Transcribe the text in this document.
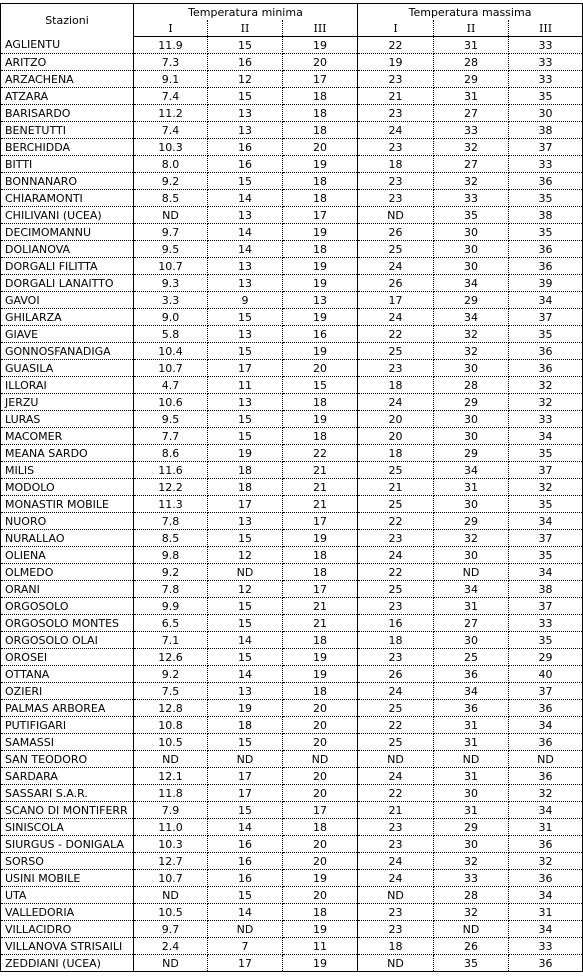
Stazioni	Temperatura minima			Temperatura massima		
	I	II	III	I	II	III
AGLIENTU	11.9	15	19	22	31	33
ARITZO	7.3	16	20	19	28	33
ARZACHENA	9.1	12	17	23	29	33
ATZARA	7.4	15	18	21	31	35
BARISARDO	11.2	13	18	23	27	30
BENETUTTI	7.4	13	18	24	33	38
BERCHIDDA	10.3	16	20	23	32	37
BITTI	8.0	16	19	18	27	33
BONNANARO	9.2	15	18	23	32	36
CHIARAMONTI	8.5	14	18	23	33	35
CHILIVANI (UCEA)	ND	13	17	ND	35	38
DECIMOMANNU	9.7	14	19	26	30	35
DOLIANOVA	9.5	14	18	25	30	36
DORGALI FILITTA	10.7	13	19	24	30	36
DORGALI LANAITTO	9.3	13	19	26	34	39
GAVOI	3.3	9	13	17	29	34
GHILARZA	9.0	15	19	24	34	37
GIAVE	5.8	13	16	22	32	35
GONNOSFANADIGA	10.4	15	19	25	32	36
GUASILA	10.7	17	20	23	30	36
ILLORAI	4.7	11	15	18	28	32
JERZU	10.6	13	18	24	29	32
LURAS	9.5	15	19	20	30	33
MACOMER	7.7	15	18	20	30	34
MEANA SARDO	8.6	19	22	18	29	35
MILIS	11.6	18	21	25	34	37
MODOLO	12.2	18	21	21	31	32
MONASTIR MOBILE	11.3	17	21	25	30	35
NUORO	7.8	13	17	22	29	34
NURALLAO	8.5	15	19	23	32	37
OLIENA	9.8	12	18	24	30	35
OLMEDO	9.2	ND	18	22	ND	34
ORANI	7.8	12	17	25	34	38
ORGOSOLO	9.9	15	21	23	31	37
ORGOSOLO MONTES	6.5	15	21	16	27	33
ORGOSOLO OLAI	7.1	14	18	18	30	35
OROSEI	12.6	15	19	23	25	29
OTTANA	9.2	14	19	26	36	40
OZIERI	7.5	13	18	24	34	37
PALMAS ARBOREA	12.8	19	20	25	36	36
PUTIFIGARI	10.8	18	20	22	31	34
SAMASSI	10.5	15	20	25	31	36
SAN TEODORO	ND	ND	ND	ND	ND	ND
SARDARA	12.1	17	20	24	31	36
SASSARI S.A.R.	11.8	17	20	22	30	32
SCANO DI MONTIFERR	7.9	15	17	21	31	34
SINISCOLA	11.0	14	18	23	29	31
SIURGUS - DONIGALA	10.3	16	20	23	30	36
SORSO	12.7	16	20	24	32	32
USINI MOBILE	10.7	16	19	24	33	36
UTA	ND	15	20	ND	28	34
VALLEDORIA	10.5	14	18	23	32	31
VILLACIDRO	9.7	ND	19	23	ND	34
VILLANOVA STRISAILI	2.4	7	11	18	26	33
ZEDDIANI (UCEA)	ND	17	19	ND	35	36
